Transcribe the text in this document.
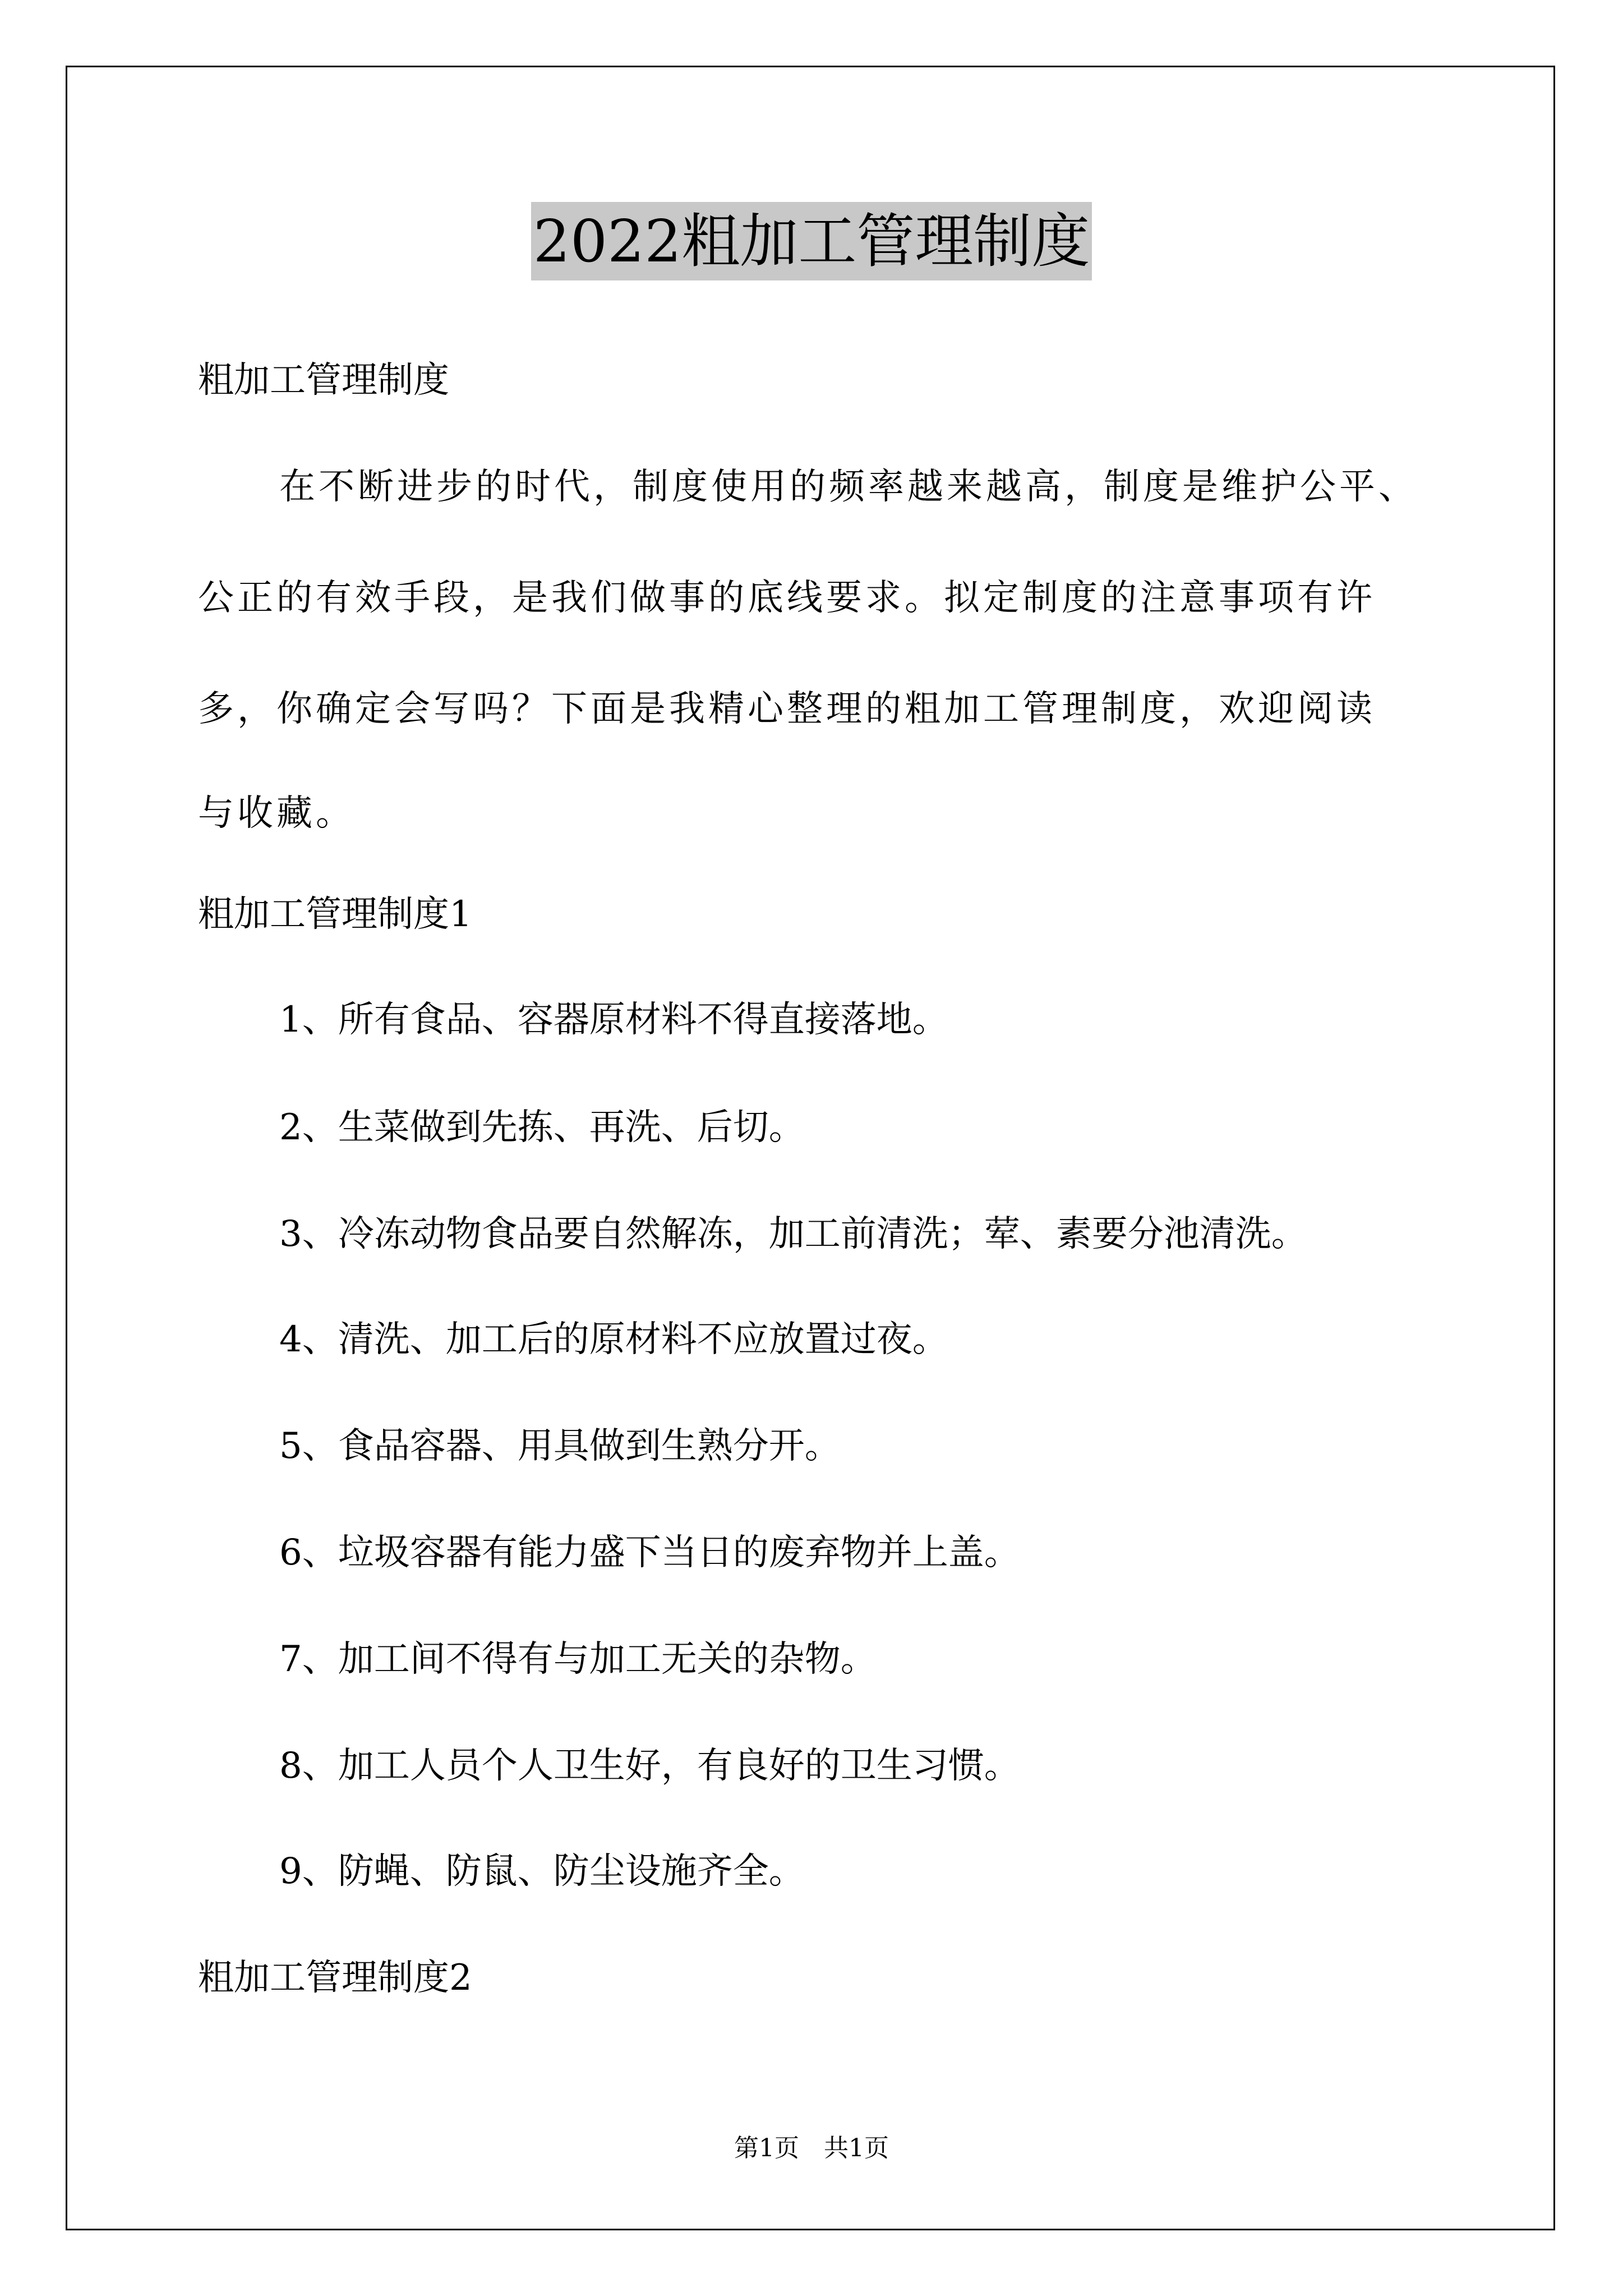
2022粗加工管理制度
粗加工管理制度
在不断进步的时代，制度使用的频率越来越高，制度是维护公平、
公正的有效手段，是我们做事的底线要求。拟定制度的注意事项有许
多，你确定会写吗？下面是我精心整理的粗加工管理制度，欢迎阅读
与收藏。
粗加工管理制度1
1、所有食品、容器原材料不得直接落地。
2、生菜做到先拣、再洗、后切。
3、冷冻动物食品要自然解冻，加工前清洗；荤、素要分池清洗。
4、清洗、加工后的原材料不应放置过夜。
5、食品容器、用具做到生熟分开。
6、垃圾容器有能力盛下当日的废弃物并上盖。
7、加工间不得有与加工无关的杂物。
8、加工人员个人卫生好，有良好的卫生习惯。
9、防蝇、防鼠、防尘设施齐全。
粗加工管理制度2
第1页　共1页
